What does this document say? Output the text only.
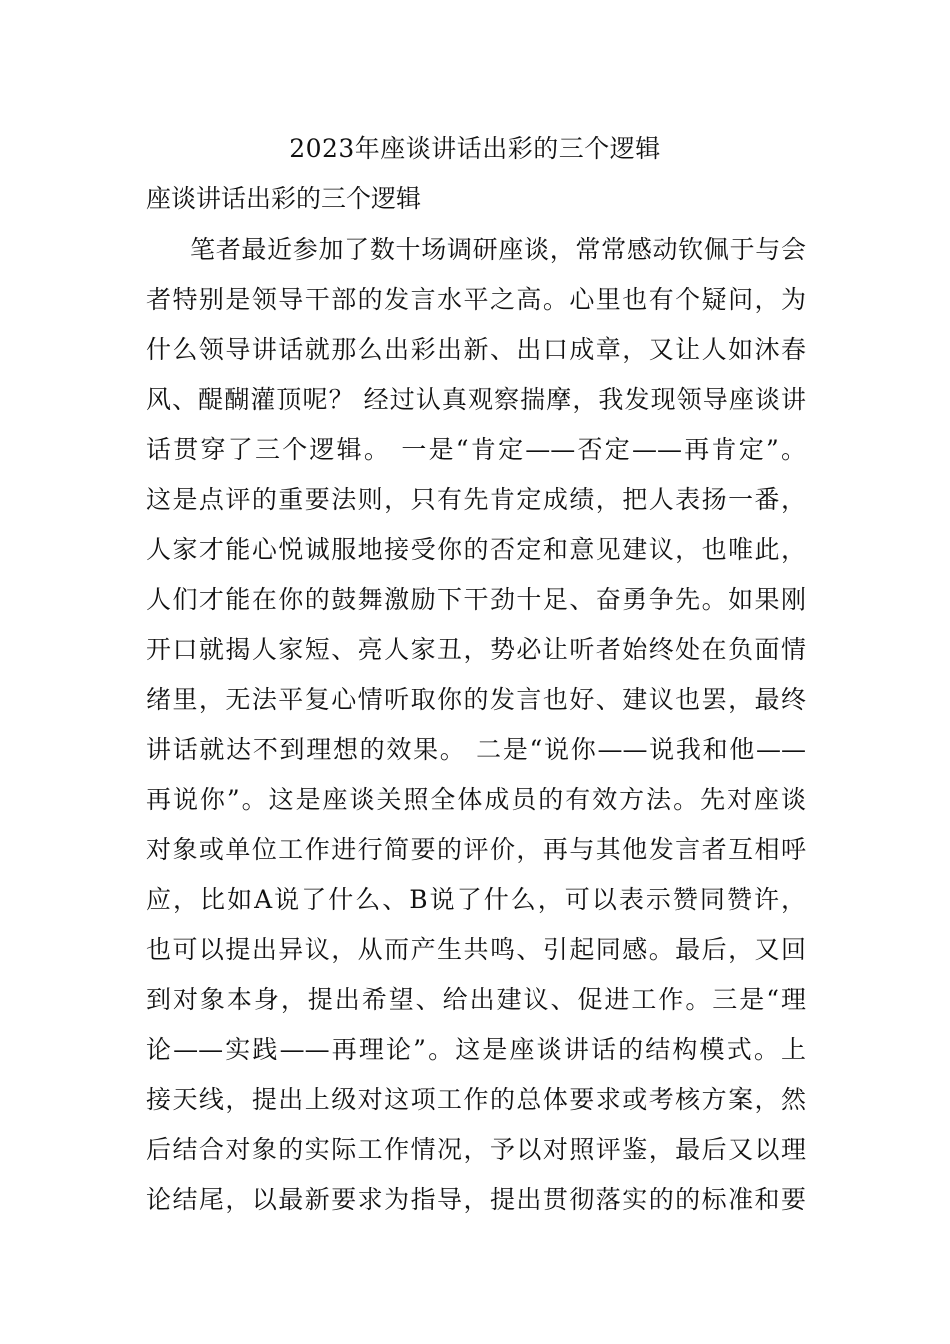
2023年座谈讲话出彩的三个逻辑
座谈讲话出彩的三个逻辑
笔者最近参加了数十场调研座谈，常常感动钦佩于与会
者特别是领导干部的发言水平之高。心里也有个疑问，为
什么领导讲话就那么出彩出新、出口成章，又让人如沐春
风、醍醐灌顶呢？ 经过认真观察揣摩，我发现领导座谈讲
话贯穿了三个逻辑。 一是“肯定——否定——再肯定”。
这是点评的重要法则，只有先肯定成绩，把人表扬一番，
人家才能心悦诚服地接受你的否定和意见建议，也唯此，
人们才能在你的鼓舞激励下干劲十足、奋勇争先。如果刚
开口就揭人家短、亮人家丑，势必让听者始终处在负面情
绪里，无法平复心情听取你的发言也好、建议也罢，最终
讲话就达不到理想的效果。 二是“说你——说我和他——
再说你”。这是座谈关照全体成员的有效方法。先对座谈
对象或单位工作进行简要的评价，再与其他发言者互相呼
应，比如A说了什么、B说了什么，可以表示赞同赞许，
也可以提出异议，从而产生共鸣、引起同感。最后，又回
到对象本身，提出希望、给出建议、促进工作。三是“理
论——实践——再理论”。这是座谈讲话的结构模式。上
接天线，提出上级对这项工作的总体要求或考核方案，然
后结合对象的实际工作情况，予以对照评鉴，最后又以理
论结尾，以最新要求为指导，提出贯彻落实的的标准和要
